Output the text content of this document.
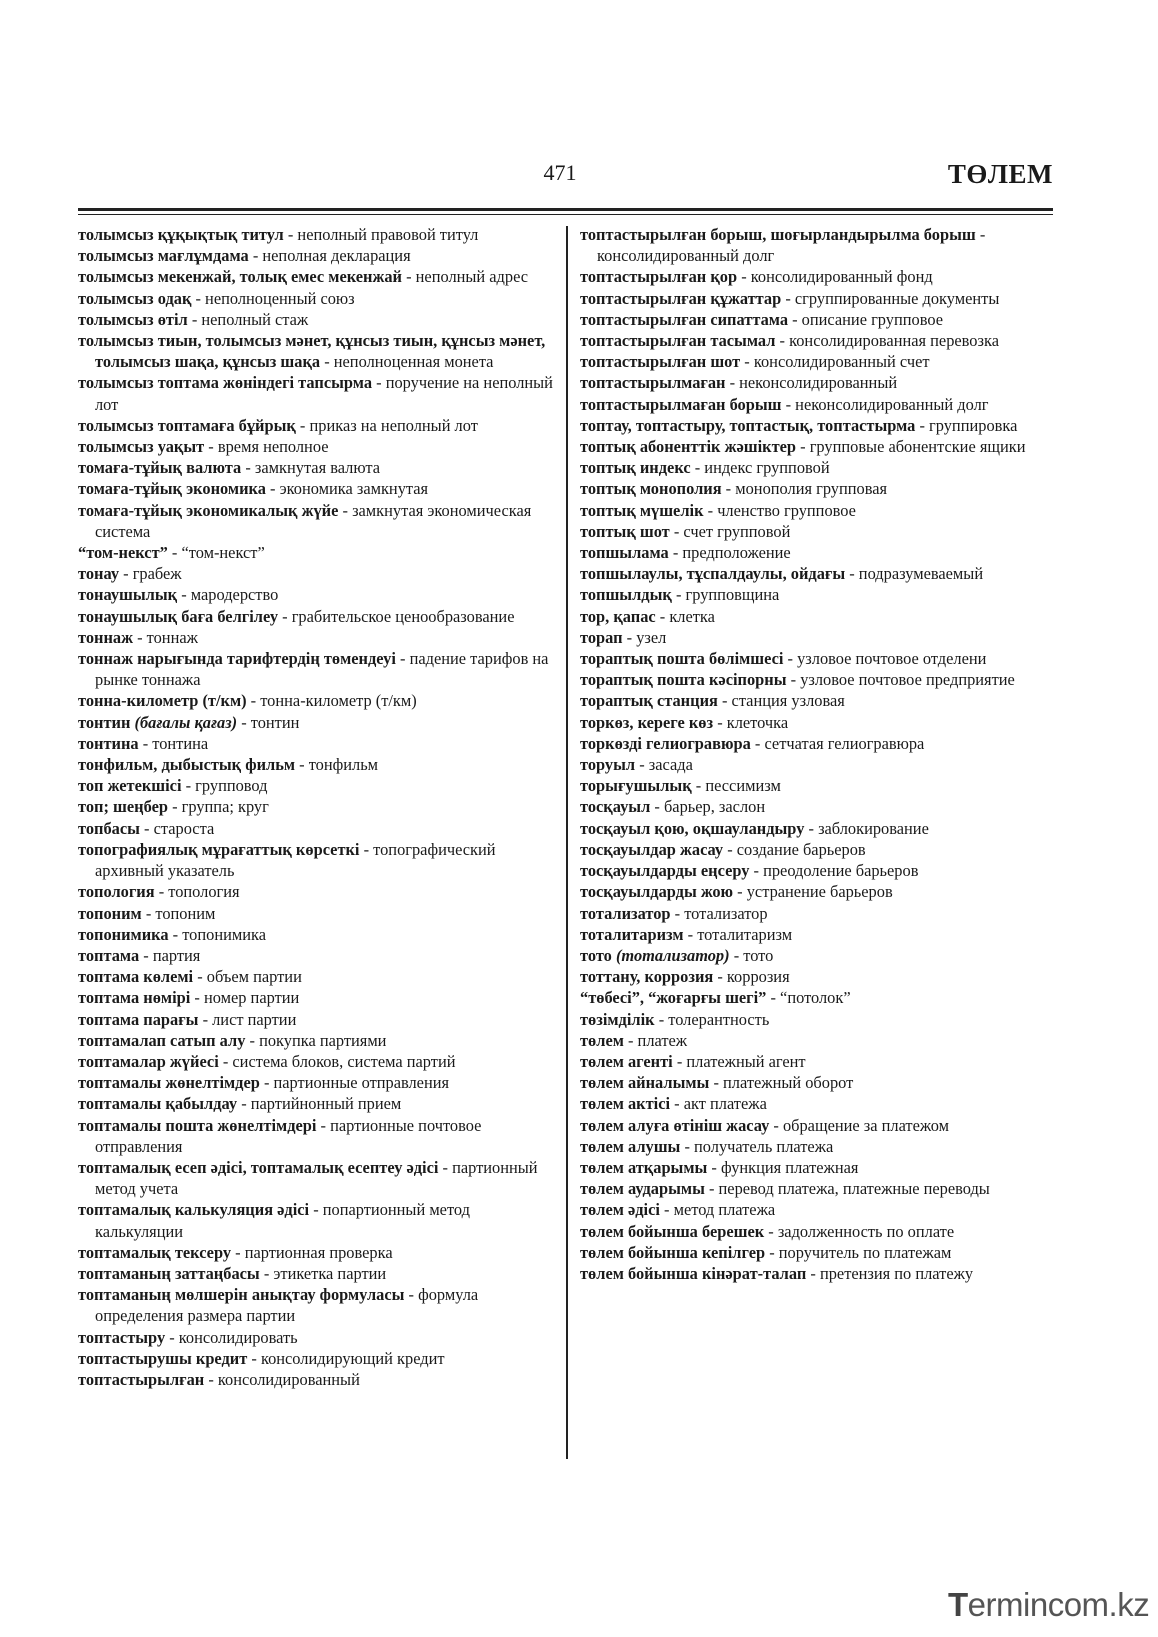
471	ТӨЛЕМ

толымсыз құқықтық титул - неполный правовой титул

толымсыз мағлұмдама - неполная декларация

толымсыз мекенжай, толық емес мекенжай - неполный адрес

толымсыз одақ - неполноценный союз

толымсыз өтіл - неполный стаж

толымсыз тиын, толымсыз мәнет, құнсыз тиын, құнсыз мәнет, толымсыз шақа, құнсыз шақа - неполноценная монета

толымсыз топтама жөніндегі тапсырма - поручение на неполный лот

толымсыз топтамаға бұйрық - приказ на неполный лот

толымсыз уақыт - время неполное

томаға-тұйық валюта - замкнутая валюта

томаға-тұйық экономика - экономика замкнутая

томаға-тұйық экономикалық жүйе - замкнутая экономическая система

“том-некст” - “том-некст”

тонау - грабеж

тонаушылық - мародерство

тонаушылық баға белгілеу - грабительское ценообразование

тоннаж - тоннаж

тоннаж нарығында тарифтердің төмендеуі - падение тарифов на рынке тоннажа

тонна-километр (т/км) - тонна-километр (т/км)

тонтин (бағалы қағаз) - тонтин

тонтина - тонтина

тонфильм, дыбыстық фильм - тонфильм

топ жетекшісі - групповод

топ; шеңбер - группа; круг

топбасы - староста

топографиялық мұрағаттық көрсеткі - топографический архивный указатель

топология - топология

топоним - топоним

топонимика - топонимика

топтама - партия

топтама көлемі - объем партии

топтама нөмірі - номер партии

топтама парағы - лист партии

топтамалап сатып алу - покупка партиями

топтамалар жүйесі - система блоков, система партий

топтамалы жөнелтімдер - партионные отправления

топтамалы қабылдау - партийнонный прием

топтамалы пошта жөнелтімдері - партионные почтовое отправления

топтамалық есеп әдісі, топтамалық есептеу әдісі - партионный метод учета

топтамалық калькуляция әдісі - попартионный метод калькуляции

топтамалық тексеру - партионная проверка

топтаманың заттаңбасы - этикетка партии

топтаманың мөлшерін анықтау формуласы - формула определения размера партии

топтастыру - консолидировать

топтастырушы кредит - консолидирующий кредит

топтастырылған - консолидированный

топтастырылған борыш, шоғырландырылма борыш - консолидированный долг

топтастырылған қор - консолидированный фонд

топтастырылған құжаттар - сгруппированные документы

топтастырылған сипаттама - описание групповое

топтастырылған тасымал - консолидированная перевозка

топтастырылған шот - консолидированный счет

топтастырылмаған - неконсолидированный

топтастырылмаған борыш - неконсолидированный долг

топтау, топтастыру, топтастық, топтастырма - группировка

топтық абоненттік жәшіктер - групповые абонентские ящики

топтық индекс - индекс групповой

топтық монополия - монополия групповая

топтық мүшелік - членство групповое

топтық шот - счет групповой

топшылама - предположение

топшылаулы, тұспалдаулы, ойдағы - подразумеваемый

топшылдық - групповщина

тор, қапас - клетка

торап - узел

тораптық пошта бөлімшесі - узловое почтовое отделени

тораптық пошта кәсіпорны - узловое почтовое предприятие

тораптық станция - станция узловая

торкөз, кереге көз - клеточка

торкөзді гелиогравюра - сетчатая гелиогравюра

торуыл - засада

торығушылық - пессимизм

тосқауыл - барьер, заслон

тосқауыл қою, оқшауландыру - заблокирование

тосқауылдар жасау - создание барьеров

тосқауылдарды еңсеру - преодоление барьеров

тосқауылдарды жою - устранение барьеров

тотализатор - тотализатор

тоталитаризм - тоталитаризм

тото (тотализатор) - тото

тоттану, коррозия - коррозия

“төбесі”, “жоғарғы шегі” - “потолок”

төзімділік - толерантность

төлем - платеж

төлем агенті - платежный агент

төлем айналымы - платежный оборот

төлем актісі - акт платежа

төлем алуға өтініш жасау - обращение за платежом

төлем алушы - получатель платежа

төлем атқарымы - функция платежная

төлем аударымы - перевод платежа, платежные переводы

төлем әдісі - метод платежа

төлем бойынша берешек - задолженность по оплате

төлем бойынша кепілгер - поручитель по платежам

төлем бойынша кінәрат-талап - претензия по платежу

Termincom.kz
